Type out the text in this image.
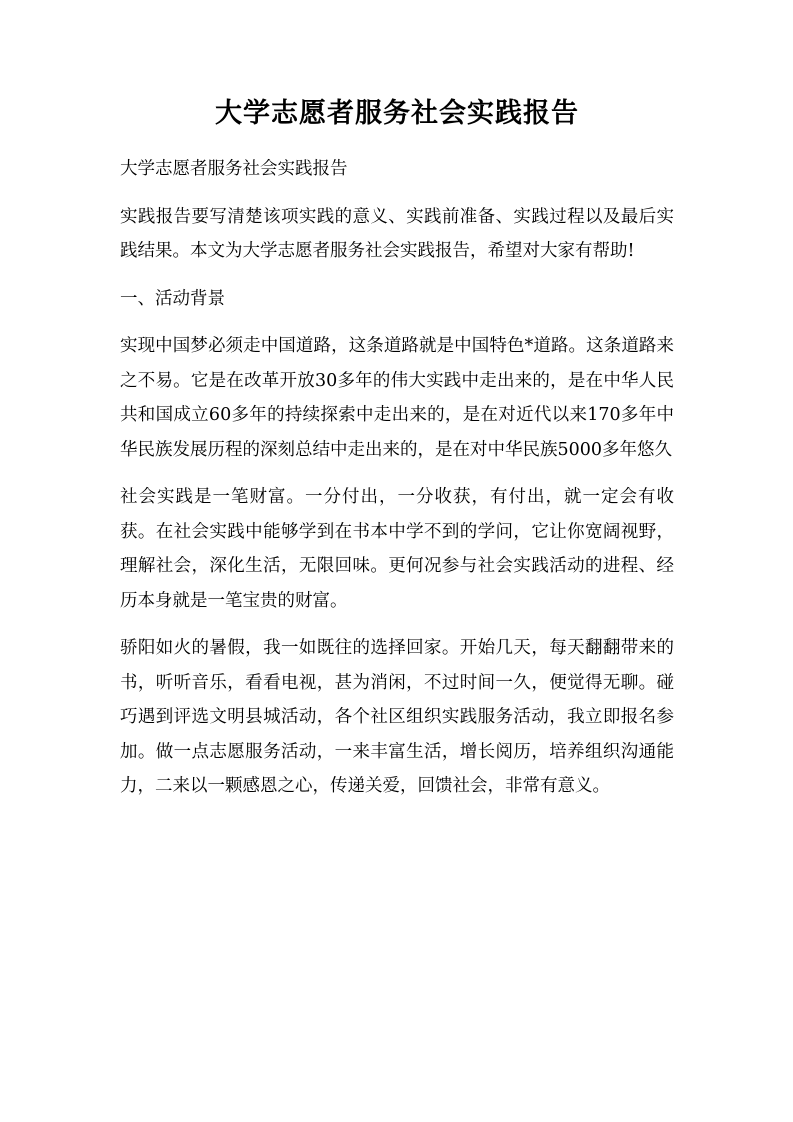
大学志愿者服务社会实践报告

大学志愿者服务社会实践报告

实践报告要写清楚该项实践的意义、实践前准备、实践过程以及最后实践结果。本文为大学志愿者服务社会实践报告，希望对大家有帮助!

一、活动背景

实现中国梦必须走中国道路，这条道路就是中国特色*道路。这条道路来之不易。它是在改革开放30多年的伟大实践中走出来的，是在中华人民共和国成立60多年的持续探索中走出来的，是在对近代以来170多年中华民族发展历程的深刻总结中走出来的，是在对中华民族5000多年悠久

社会实践是一笔财富。一分付出，一分收获，有付出，就一定会有收获。在社会实践中能够学到在书本中学不到的学问，它让你宽阔视野，理解社会，深化生活，无限回味。更何况参与社会实践活动的进程、经历本身就是一笔宝贵的财富。

骄阳如火的暑假，我一如既往的选择回家。开始几天，每天翻翻带来的书，听听音乐，看看电视，甚为消闲，不过时间一久，便觉得无聊。碰巧遇到评选文明县城活动，各个社区组织实践服务活动，我立即报名参加。做一点志愿服务活动，一来丰富生活，增长阅历，培养组织沟通能力，二来以一颗感恩之心，传递关爱，回馈社会，非常有意义。
